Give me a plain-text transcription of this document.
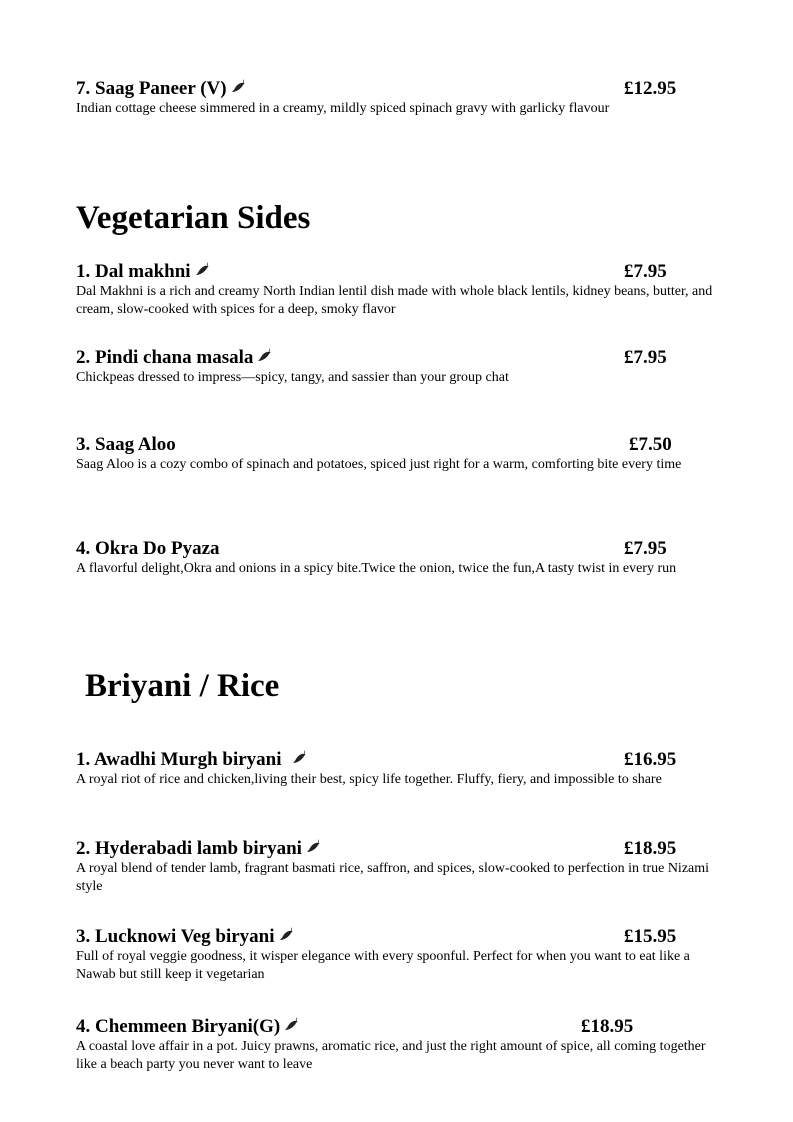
7. Saag Paneer (V)	£12.95
Indian cottage cheese simmered in a creamy, mildly spiced spinach gravy with garlicky flavour
Vegetarian Sides
1. Dal makhni	£7.95
Dal Makhni is a rich and creamy North Indian lentil dish made with whole black lentils, kidney beans, butter, and cream, slow-cooked with spices for a deep, smoky flavor
2. Pindi chana masala	£7.95
Chickpeas dressed to impress—spicy, tangy, and sassier than your group chat
3. Saag Aloo	£7.50
Saag Aloo is a cozy combo of spinach and potatoes, spiced just right for a warm, comforting bite every time
4. Okra Do Pyaza	£7.95
A flavorful delight,Okra and onions in a spicy bite.Twice the onion, twice the fun,A tasty twist in every run
Briyani / Rice
1. Awadhi Murgh biryani	£16.95
A royal riot of rice and chicken,living their best, spicy life together. Fluffy, fiery, and impossible to share
2. Hyderabadi lamb biryani	£18.95
A royal blend of tender lamb, fragrant basmati rice, saffron, and spices, slow-cooked to perfection in true Nizami style
3. Lucknowi Veg biryani	£15.95
Full of royal veggie goodness, it wisper elegance with every spoonful. Perfect for when you want to eat like a Nawab but still keep it vegetarian
4. Chemmeen Biryani(G)	£18.95
A coastal love affair in a pot. Juicy prawns, aromatic rice, and just the right amount of spice, all coming together like a beach party you never want to leave
